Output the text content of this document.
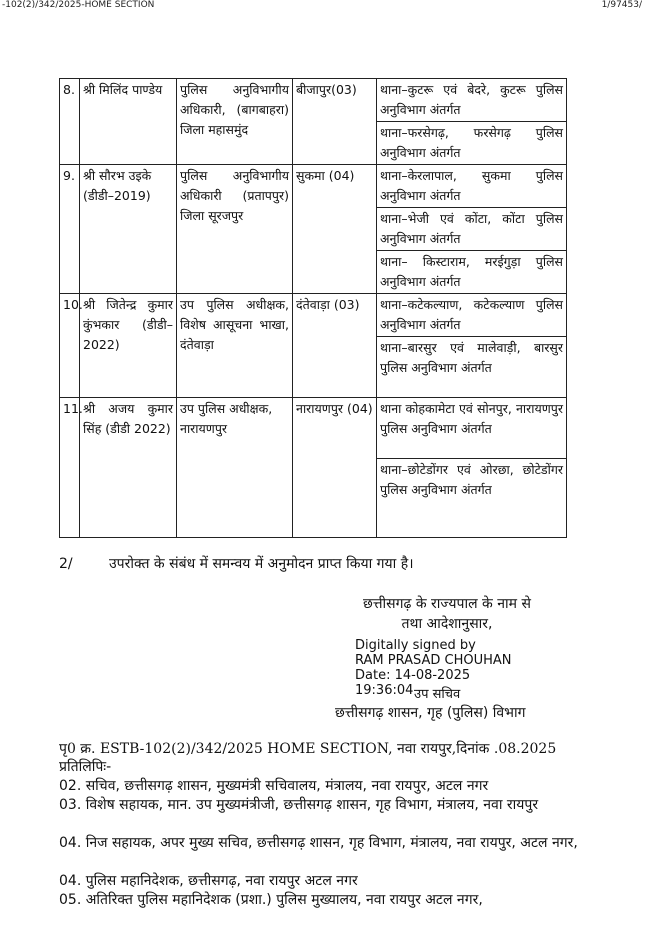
-102(2)/342/2025-HOME SECTION	1/97453/
8.	श्री मिलिंद पाण्डेय	पुलिस अनुविभागीय अधिकारी, (बागबाहरा) जिला महासमुंद	बीजापुर(03)	थाना–कुटरू एवं बेदरे, कुटरू पुलिस अनुविभाग अंतर्गत
				थाना–फरसेगढ़, फरसेगढ़ पुलिस अनुविभाग अंतर्गत
9.	श्री सौरभ उइके (डीडी–2019)	पुलिस अनुविभागीय अधिकारी (प्रतापपुर) जिला सूरजपुर	सुकमा (04)	थाना–केरलापाल, सुकमा पुलिस अनुविभाग अंतर्गत
				थाना–भेजी एवं कोंटा, कोंटा पुलिस अनुविभाग अंतर्गत
				थाना– किस्टाराम, मरईगुड़ा पुलिस अनुविभाग अंतर्गत
10.	श्री जितेन्द्र कुमार कुंभकार (डीडी–2022)	उप पुलिस अधीक्षक, विशेष आसूचना भाखा, दंतेवाड़ा	दंतेवाड़ा (03)	थाना–कटेकल्याण, कटेकल्याण पुलिस अनुविभाग अंतर्गत
				थाना–बारसुर एवं मालेवाड़ी, बारसुर पुलिस अनुविभाग अंतर्गत
11.	श्री अजय कुमार सिंह (डीडी 2022)	उप पुलिस अधीक्षक, नारायणपुर	नारायणपुर (04)	थाना कोहकामेटा एवं सोनपुर, नारायणपुर पुलिस अनुविभाग अंतर्गत
				थाना–छोटेडोंगर एवं ओरछा, छोटेडोंगर पुलिस अनुविभाग अंतर्गत
2/	उपरोक्त के संबंध में समन्वय में अनुमोदन प्राप्त किया गया है।
छत्तीसगढ़ के राज्यपाल के नाम से
तथा आदेशानुसार,
Digitally signed by
RAM PRASAD CHOUHAN
Date: 14-08-2025
19:36:04 उप सचिव
छत्तीसगढ़ शासन, गृह (पुलिस) विभाग
पृ0 क्र. ESTB-102(2)/342/2025 HOME SECTION, नवा रायपुर,दिनांक .08.2025
प्रतिलिपिः-
02. सचिव, छत्तीसगढ़ शासन, मुख्यमंत्री सचिवालय, मंत्रालय, नवा रायपुर, अटल नगर
03. विशेष सहायक, मान. उप मुख्यमंत्रीजी, छत्तीसगढ़ शासन, गृह विभाग, मंत्रालय, नवा रायपुर
04. निज सहायक, अपर मुख्य सचिव, छत्तीसगढ़ शासन, गृह विभाग, मंत्रालय, नवा रायपुर, अटल नगर,
04. पुलिस महानिदेशक, छत्तीसगढ़, नवा रायपुर अटल नगर
05. अतिरिक्त पुलिस महानिदेशक (प्रशा.) पुलिस मुख्यालय, नवा रायपुर अटल नगर,
